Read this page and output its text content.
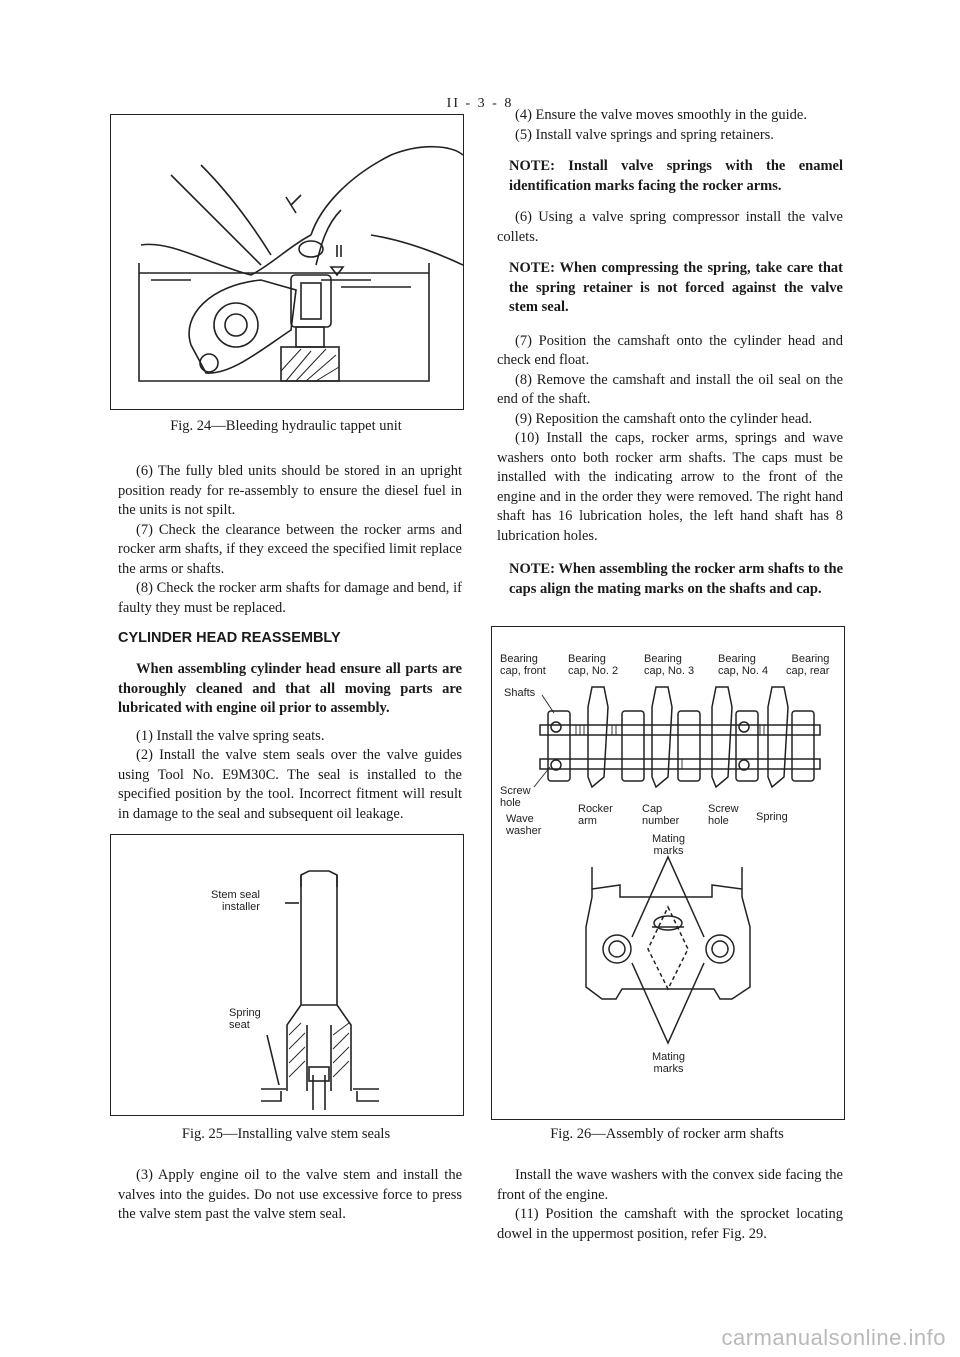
II - 3 - 8
Fig. 24—Bleeding hydraulic tappet unit

(6) The fully bled units should be stored in an upright position ready for re-assembly to ensure the diesel fuel in the units is not spilt.

(7) Check the clearance between the rocker arms and rocker arm shafts, if they exceed the specified limit replace the arms or shafts.

(8) Check the rocker arm shafts for damage and bend, if faulty they must be replaced.

CYLINDER HEAD REASSEMBLY

When assembling cylinder head ensure all parts are thoroughly cleaned and that all moving parts are lubricated with engine oil prior to assembly.

(1) Install the valve spring seats.

(2) Install the valve stem seals over the valve guides using Tool No. E9M30C. The seal is installed to the specified position by the tool. Incorrect fitment will result in damage to the seal and subsequent oil leakage.

Stem seal
installer
Spring
seat
Fig. 25—Installing valve stem seals

(3) Apply engine oil to the valve stem and install the valves into the guides. Do not use excessive force to press the valve stem past the valve stem seal.

(4) Ensure the valve moves smoothly in the guide.

(5) Install valve springs and spring retainers.

NOTE: Install valve springs with the enamel identification marks facing the rocker arms.

(6) Using a valve spring compressor install the valve collets.

NOTE: When compressing the spring, take care that the spring retainer is not forced against the valve stem seal.

(7) Position the camshaft onto the cylinder head and check end float.

(8) Remove the camshaft and install the oil seal on the end of the shaft.

(9) Reposition the camshaft onto the cylinder head.

(10) Install the caps, rocker arms, springs and wave washers onto both rocker arm shafts. The caps must be installed with the indicating arrow to the front of the engine and in the order they were removed. The right hand shaft has 16 lubrication holes, the left hand shaft has 8 lubrication holes.

NOTE: When assembling the rocker arm shafts to the caps align the mating marks on the shafts and cap.

Bearing
cap, front
Bearing
cap, No. 2
Bearing
cap, No. 3
Bearing
cap, No. 4
Bearing
cap, rear
Shafts
Screw
hole
Wave
washer
Rocker
arm
Cap
number
Screw
hole	Spring
Mating
marks
Mating
marks
Fig. 26—Assembly of rocker arm shafts

Install the wave washers with the convex side facing the front of the engine.

(11) Position the camshaft with the sprocket locating dowel in the uppermost position, refer Fig. 29.

carmanualsonline.info
